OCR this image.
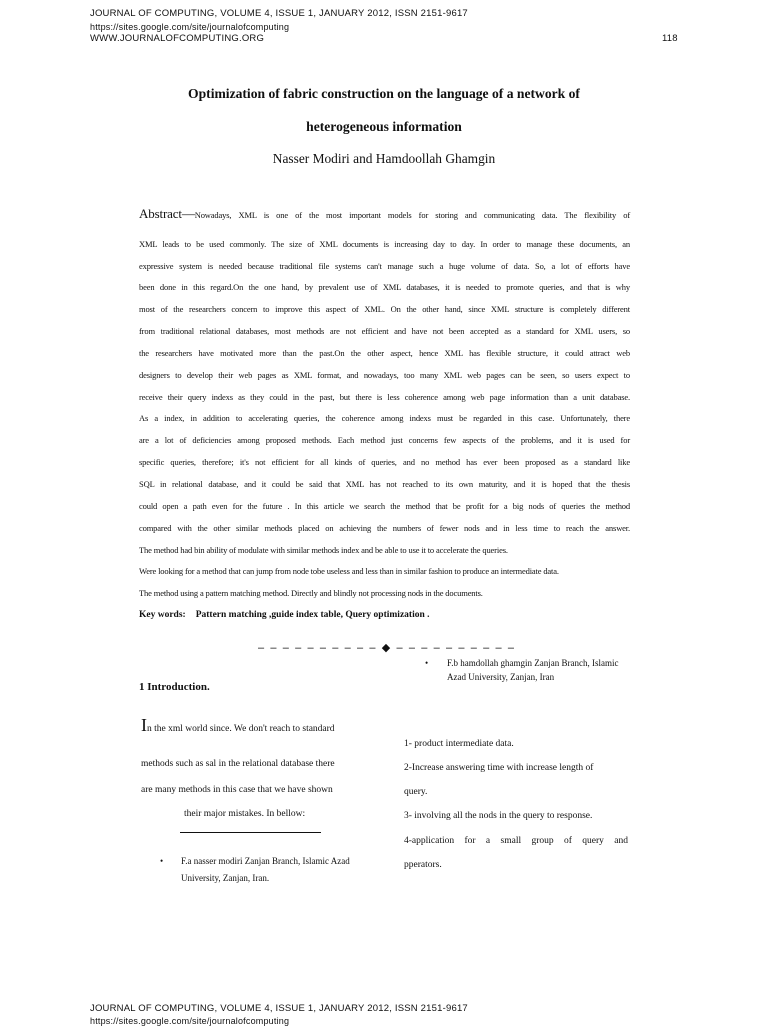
JOURNAL OF COMPUTING, VOLUME 4, ISSUE 1, JANUARY 2012, ISSN 2151-9617
https://sites.google.com/site/journalofcomputing
WWW.JOURNALOFCOMPUTING.ORG	118
Optimization of fabric construction on the language of a network of
heterogeneous information
Nasser Modiri and Hamdoollah Ghamgin
Abstract—Nowadays, XML is one of the most important models for storing and communicating data. The flexibility of
XML leads to be used commonly. The size of XML documents is increasing day to day. In order to manage these documents, an
expressive system is needed because traditional file systems can't manage such a huge volume of data. So, a lot of efforts have
been done in this regard.On the one hand, by prevalent use of XML databases, it is needed to promote queries, and that is why
most of the researchers concern to improve this aspect of XML. On the other hand, since XML structure is completely different
from traditional relational databases, most methods are not efficient and have not been accepted as a standard for XML users, so
the researchers have motivated more than the past.On the other aspect, hence XML has flexible structure, it could attract web
designers to develop their web pages as XML format, and nowadays, too many XML web pages can be seen, so users expect to
receive their query indexs as they could in the past, but there is less coherence among web page information than a unit database.
As a index, in addition to accelerating queries, the coherence among indexs must be regarded in this case. Unfortunately, there
are a lot of deficiencies among proposed methods. Each method just concerns few aspects of the problems, and it is used for
specific queries, therefore; it's not efficient for all kinds of queries, and no method has ever been proposed as a standard like
SQL in relational database, and it could be said that XML has not reached to its own maturity, and it is hoped that the thesis
could open a path even for the future . In this article we search the method that be profit for a big nods of queries the method
compared with the other similar methods placed on achieving the numbers of fewer nods and in less time to reach the answer.
The method had bin ability of modulate with similar methods index and be able to use it to accelerate the queries.
Were looking for a method that can jump from node tobe useless and less than in similar fashion to produce an intermediate data.
The method using a pattern matching method. Directly and blindly not processing nods in the documents.
Key words: Pattern matching ,guide index table, Query optimization .
– – – – – – – – – – ◆ – – – – – – – – – –
• F.b hamdollah ghamgin Zanjan Branch, Islamic
Azad University, Zanjan, Iran
1 Introduction.
In the xml world since. We don't reach to standard
methods such as sal in the relational database there
are many methods in this case that we have shown
their major mistakes. In bellow:
• F.a nasser modiri Zanjan Branch, Islamic Azad
University, Zanjan, Iran.
1- product intermediate data.
2-Increase answering time with increase length of
query.
3- involving all the nods in the query to response.
4-application for a small group of query and
pperators.
JOURNAL OF COMPUTING, VOLUME 4, ISSUE 1, JANUARY 2012, ISSN 2151-9617
https://sites.google.com/site/journalofcomputing
